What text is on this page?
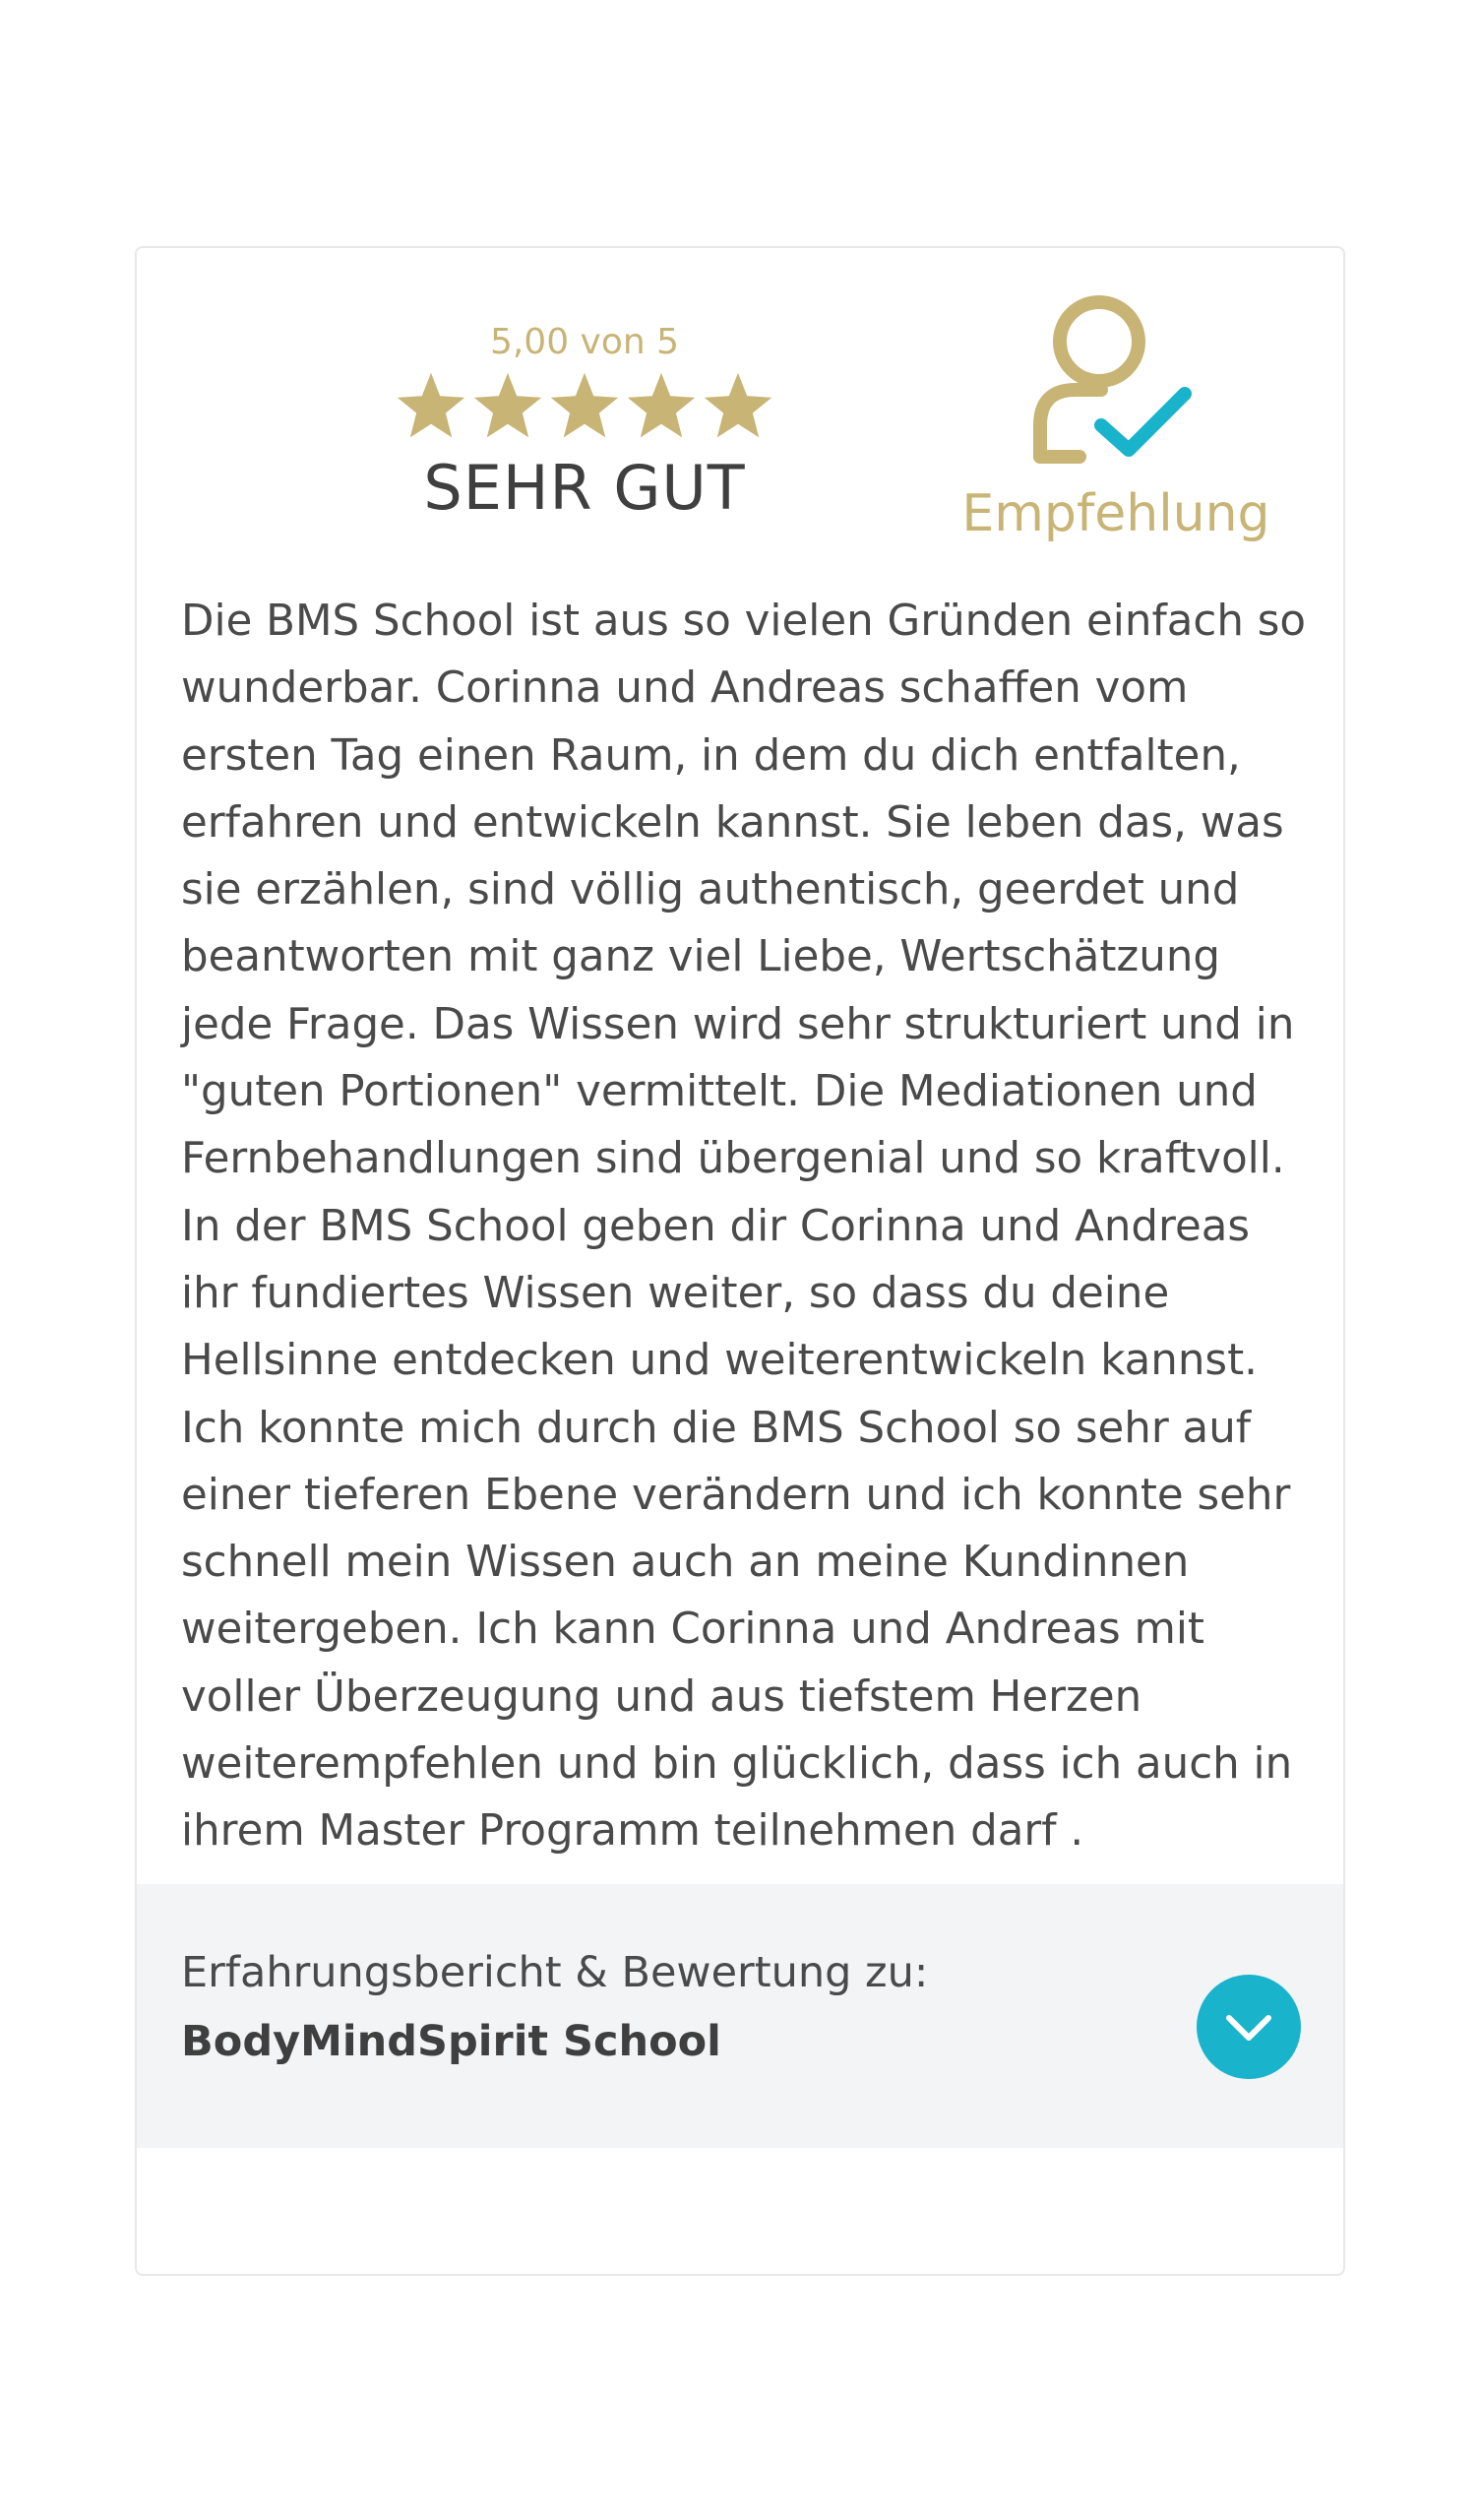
5,00 von 5
SEHR GUT	Empfehlung

Die BMS School ist aus so vielen Gründen einfach so wunderbar. Corinna und Andreas schaffen vom ersten Tag einen Raum, in dem du dich entfalten, erfahren und entwickeln kannst. Sie leben das, was sie erzählen, sind völlig authentisch, geerdet und beantworten mit ganz viel Liebe, Wertschätzung jede Frage. Das Wissen wird sehr strukturiert und in "guten Portionen" vermittelt. Die Mediationen und Fernbehandlungen sind übergenial und so kraftvoll. In der BMS School geben dir Corinna und Andreas ihr fundiertes Wissen weiter, so dass du deine Hellsinne entdecken und weiterentwickeln kannst. Ich konnte mich durch die BMS School so sehr auf einer tieferen Ebene verändern und ich konnte sehr schnell mein Wissen auch an meine Kundinnen weitergeben. Ich kann Corinna und Andreas mit voller Überzeugung und aus tiefstem Herzen weiterempfehlen und bin glücklich, dass ich auch in ihrem Master Programm teilnehmen darf .

Erfahrungsbericht & Bewertung zu:
BodyMindSpirit School
